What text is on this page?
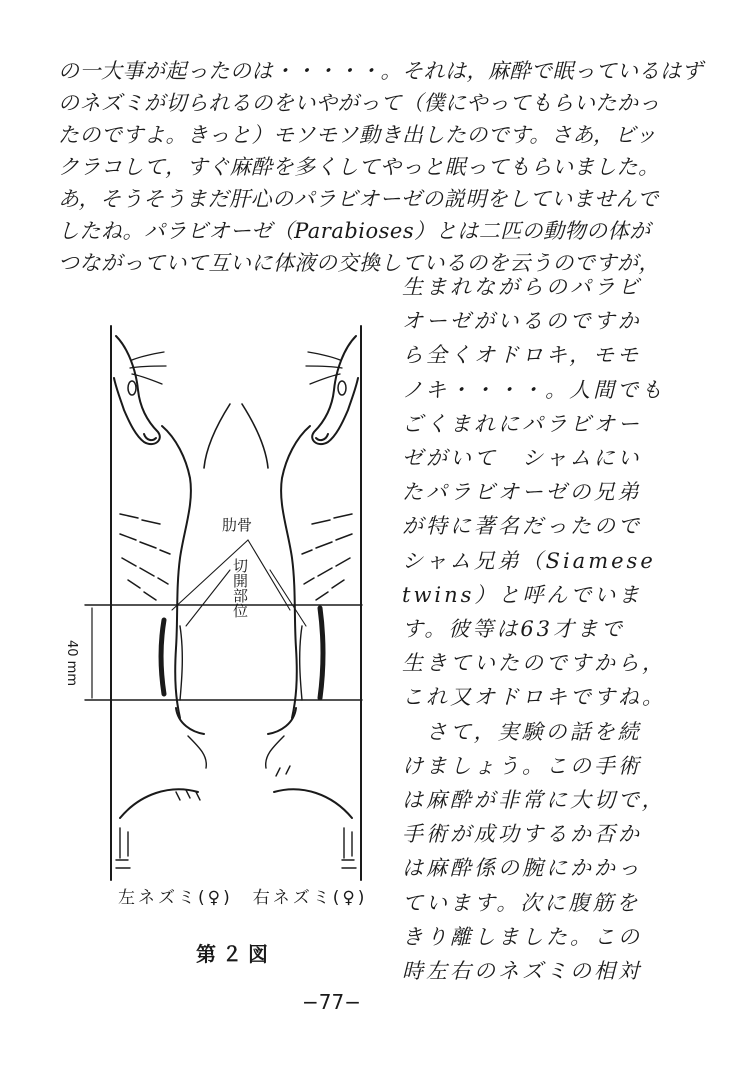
の一大事が起ったのは・・・・・。それは，麻酔で眠っているはず
のネズミが切られるのをいやがって（僕にやってもらいたかっ
たのですよ。きっと）モソモソ動き出したのです。さあ，ビッ
クラコして，すぐ麻酔を多くしてやっと眠ってもらいました。
あ，そうそうまだ肝心のパラビオーゼの説明をしていませんで
したね。パラビオーゼ（Parabioses）とは二匹の動物の体が
つながっていて互いに体液の交換しているのを云うのですが，
生まれながらのパラビ
オーゼがいるのですか
ら全くオドロキ，モモ
ノキ・・・・。人間でも
ごくまれにパラビオー
ゼがいて　シャムにい
たパラビオーゼの兄弟
が特に著名だったので
シャム兄弟（Siamese
twins）と呼んでいま
す。彼等は63才まで
生きていたのですから，
これ又オドロキですね。
　さて，実験の話を続
けましょう。この手術
は麻酔が非常に大切で，
手術が成功するか否か
は麻酔係の腕にかかっ
ています。次に腹筋を
きり離しました。この
時左右のネズミの相対
肋骨
切開部位
40 mm
左ネズミ(♀)　右ネズミ(♀)
第２図
−77−
